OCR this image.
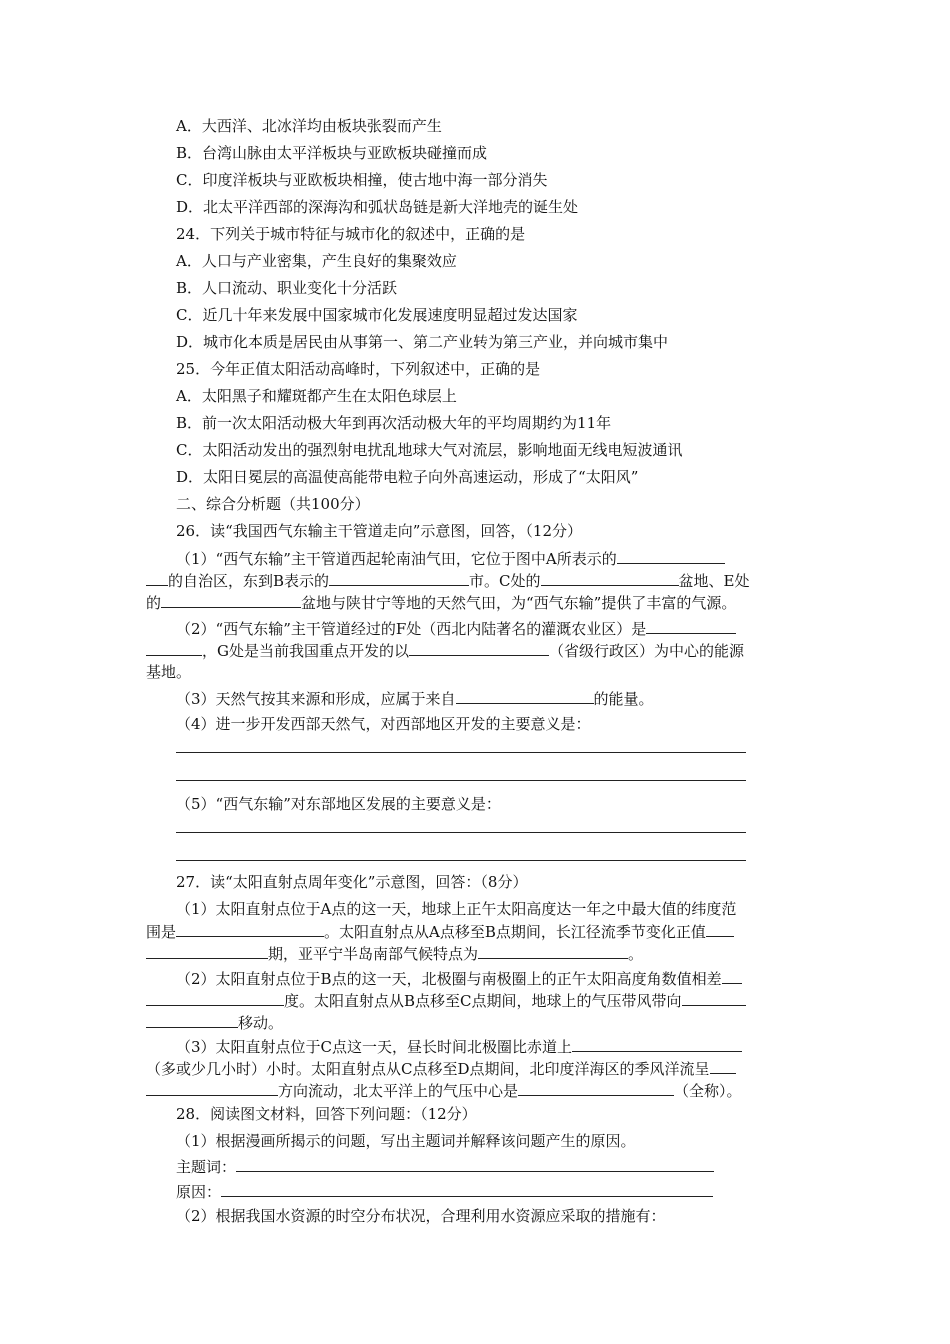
A．大西洋、北冰洋均由板块张裂而产生
B．台湾山脉由太平洋板块与亚欧板块碰撞而成
C．印度洋板块与亚欧板块相撞，使古地中海一部分消失
D．北太平洋西部的深海沟和弧状岛链是新大洋地壳的诞生处
24．下列关于城市特征与城市化的叙述中，正确的是
A．人口与产业密集，产生良好的集聚效应
B．人口流动、职业变化十分活跃
C．近几十年来发展中国家城市化发展速度明显超过发达国家
D．城市化本质是居民由从事第一、第二产业转为第三产业，并向城市集中
25．今年正值太阳活动高峰时，下列叙述中，正确的是
A．太阳黑子和耀斑都产生在太阳色球层上
B．前一次太阳活动极大年到再次活动极大年的平均周期约为11年
C．太阳活动发出的强烈射电扰乱地球大气对流层，影响地面无线电短波通讯
D．太阳日冕层的高温使高能带电粒子向外高速运动，形成了“太阳风”
二、综合分析题（共100分）
26．读“我国西气东输主干管道走向”示意图，回答，（12分）
（1）“西气东输”主干管道西起轮南油气田，它位于图中A所表示的
的自治区，东到B表示的	市。C处的	盆地、E处
的	盆地与陕甘宁等地的天然气田，为“西气东输”提供了丰富的气源。
（2）“西气东输”主干管道经过的F处（西北内陆著名的灌溉农业区）是
，G处是当前我国重点开发的以	（省级行政区）为中心的能源
基地。
（3）天然气按其来源和形成，应属于来自	的能量。
（4）进一步开发西部天然气，对西部地区开发的主要意义是：
（5）“西气东输”对东部地区发展的主要意义是：
27．读“太阳直射点周年变化”示意图，回答：（8分）
（1）太阳直射点位于A点的这一天，地球上正午太阳高度达一年之中最大值的纬度范
围是	。太阳直射点从A点移至B点期间，长江径流季节变化正值
期，亚平宁半岛南部气候特点为	。
（2）太阳直射点位于B点的这一天，北极圈与南极圈上的正午太阳高度角数值相差
度。太阳直射点从B点移至C点期间，地球上的气压带风带向
移动。
（3）太阳直射点位于C点这一天，昼长时间北极圈比赤道上
（多或少几小时）小时。太阳直射点从C点移至D点期间，北印度洋海区的季风洋流呈
方向流动，北太平洋上的气压中心是	（全称）。
28．阅读图文材料，回答下列问题：（12分）
（1）根据漫画所揭示的问题，写出主题词并解释该问题产生的原因。
主题词：
原因：
（2）根据我国水资源的时空分布状况，合理利用水资源应采取的措施有：
